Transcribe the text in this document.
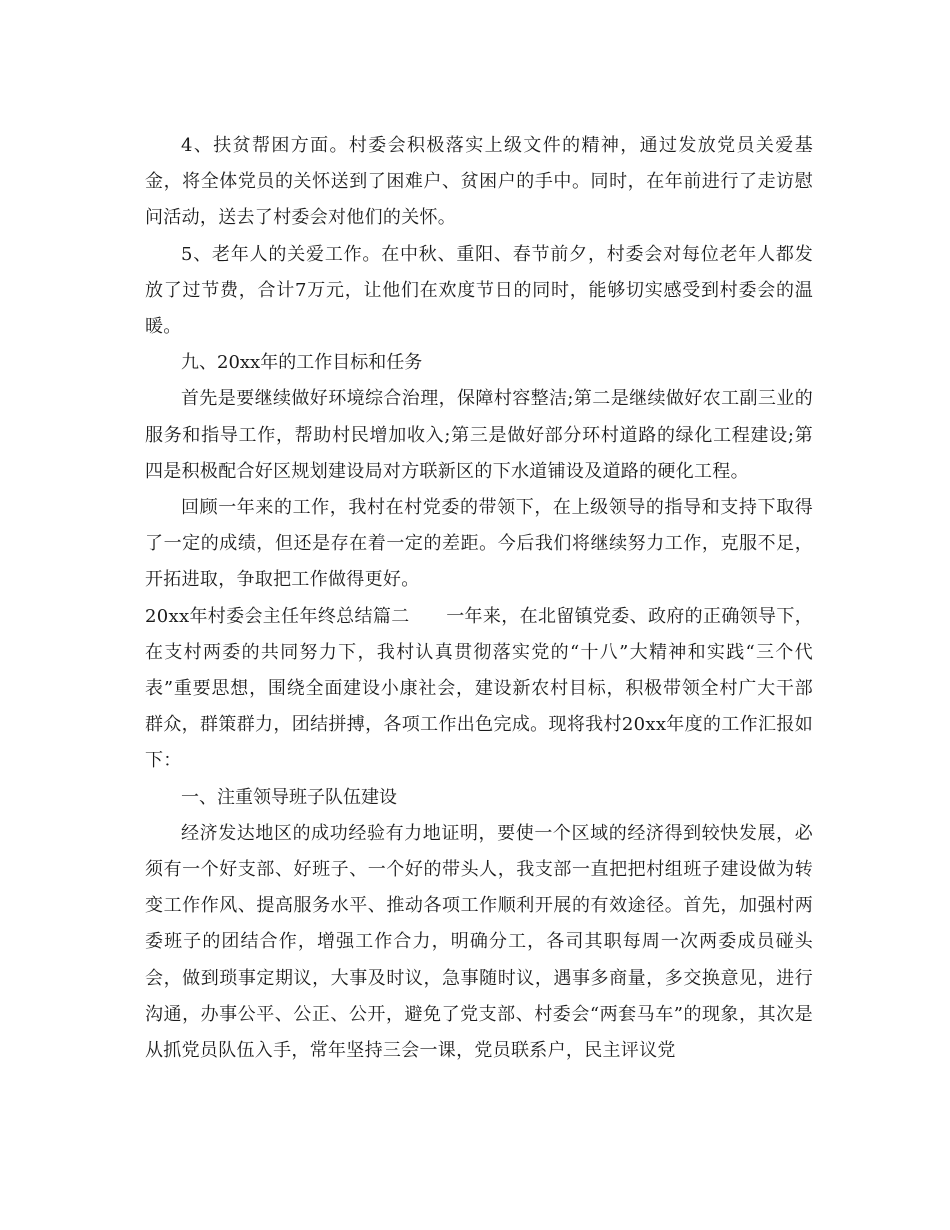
4、扶贫帮困方面。村委会积极落实上级文件的精神，通过发放党员关爱基金，将全体党员的关怀送到了困难户、贫困户的手中。同时，在年前进行了走访慰问活动，送去了村委会对他们的关怀。

5、老年人的关爱工作。在中秋、重阳、春节前夕，村委会对每位老年人都发放了过节费，合计7万元，让他们在欢度节日的同时，能够切实感受到村委会的温暖。

九、20xx年的工作目标和任务

首先是要继续做好环境综合治理，保障村容整洁;第二是继续做好农工副三业的服务和指导工作，帮助村民增加收入;第三是做好部分环村道路的绿化工程建设;第四是积极配合好区规划建设局对方联新区的下水道铺设及道路的硬化工程。

回顾一年来的工作，我村在村党委的带领下，在上级领导的指导和支持下取得了一定的成绩，但还是存在着一定的差距。今后我们将继续努力工作，克服不足，开拓进取，争取把工作做得更好。

20xx年村委会主任年终总结篇二　　一年来，在北留镇党委、政府的正确领导下，在支村两委的共同努力下，我村认真贯彻落实党的“十八”大精神和实践“三个代表”重要思想，围绕全面建设小康社会，建设新农村目标，积极带领全村广大干部群众，群策群力，团结拼搏，各项工作出色完成。现将我村20xx年度的工作汇报如下：

一、注重领导班子队伍建设

经济发达地区的成功经验有力地证明，要使一个区域的经济得到较快发展，必须有一个好支部、好班子、一个好的带头人，我支部一直把把村组班子建设做为转变工作作风、提高服务水平、推动各项工作顺利开展的有效途径。首先，加强村两委班子的团结合作，增强工作合力，明确分工，各司其职每周一次两委成员碰头会，做到琐事定期议，大事及时议，急事随时议，遇事多商量，多交换意见，进行沟通，办事公平、公正、公开，避免了党支部、村委会“两套马车”的现象，其次是从抓党员队伍入手，常年坚持三会一课，党员联系户，民主评议党
